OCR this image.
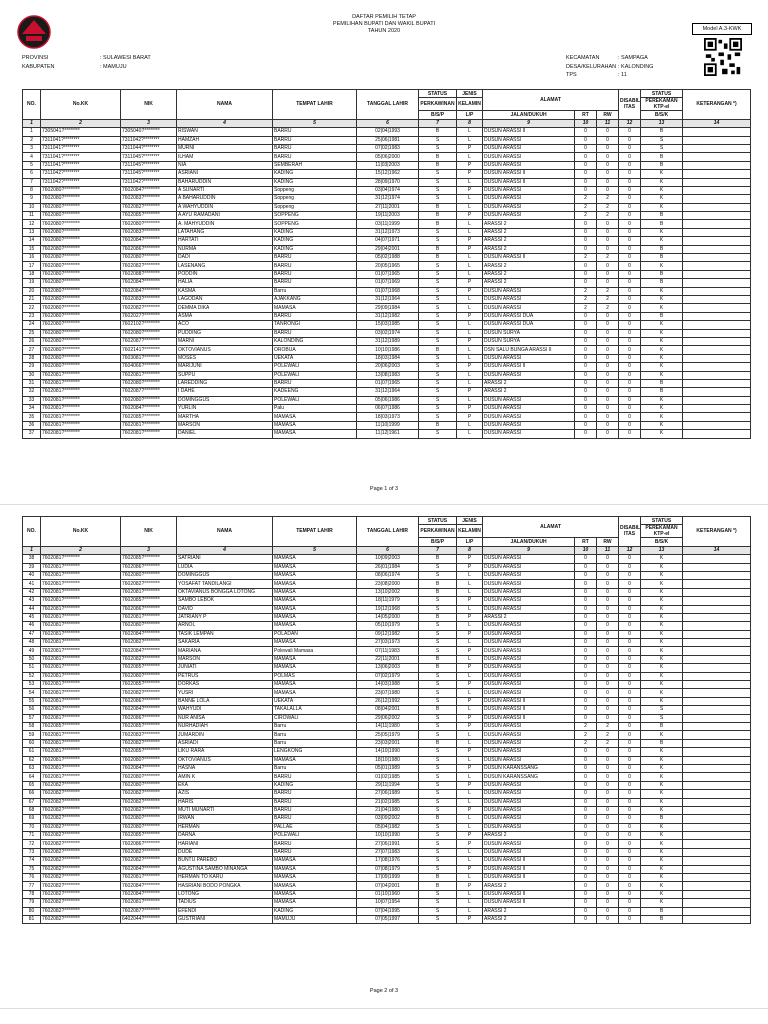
DAFTAR PEMILIH TETAP
PEMILIHAN BUPATI DAN WAKIL BUPATI
TAHUN 2020	Model A.3-KWK
PROVINSI	: SULAWESI BARAT
KABUPATEN	: MAMUJU
KECAMATAN	: SAMPAGA
DESA/KELURAHAN : KALONDING
TPS	: 11
NO.	No.KK	NIK	NAMA	TEMPAT LAHIR	TANGGAL LAHIR	STATUS	JENIS	ALAMAT			DISABIL
ITAS	STATUS	KETERANGAN *)
						PERKAWINAN	KELAMIN					PEREKAMAN
KTP-el	
						B/S/P	L/P	JALAN/DUKUH	RT	RW		B/S/K	
1	2	3	4	5	6	7	8	9	10	11	12	13	14
1	7305041?********	7305040?********	RISWAN	BARRU	02|04|1993	B	L	DUSUN ARASSI II	0	0	0	B	
2	7311041?********	7311042?********	HAMZAH	BARRU	25|06|1981	S	L	DUSUN ARASSI	0	0	0	S	
3	7311041?********	7311044?********	MURNI	BARRU	07|02|1983	S	P	DUSUN ARASSI	0	0	0	S	
4	7311041?********	7311045?********	ILHAM	BARRU	05|06|2000	B	L	DUSUN ARASSI	0	0	0	B	
5	7311041?********	7311045?********	NIA	SEMBERAH	11|03|2003	B	P	DUSUN ARASSI	0	0	0	B	
6	7311042?********	7311045?********	ASRIANI	KADING	15|12|1962	S	P	DUSUN ARASSI II	0	0	0	K	
7	7311042?********	7311042?********	BAHARUDDIN	KADING	28|09|1970	S	L	DUSUN ARASSI II	0	0	0	K	
8	7602080?********	7602084?********	A SUNARTI	Soppeng	03|04|1974	S	P	DUSUN ARASSI	0	0	0	K	
9	7602080?********	7602083?********	A BAHARUDDIN	Soppeng	31|12|1974	S	L	DUSUN ARASSI	2	2	0	K	
10	7602080?********	7602082?********	A WAHYUDDIN	Soppeng	27|11|2001	B	L	DUSUN ARASSI	2	2	0	K	
11	7602080?********	7602085?********	A AYU RAMADANI	SOPPENG	19|11|2003	B	P	DUSUN ARASSI	2	2	0	B	
12	7602080?********	7602080?********	A. MAHYUDDIN	SOPPENG	03|11|1999	B	L	ARASSI 2	0	0	0	B	
13	7602080?********	7602083?********	LATAHANG	KADING	31|12|1973	S	L	ARASSI 2	0	0	0	K	
14	7602080?********	7602084?********	HARTATI	KADING	04|07|1971	S	P	ARASSI 2	0	0	0	K	
15	7602080?********	7602086?********	NURMA	KADING	29|04|2001	B	P	ARASSI 2	0	0	0	B	
16	7602080?********	7602080?********	DADI	BARRU	05|02|1988	B	L	DUSUN ARASSI II	2	2	0	B	
17	7602080?********	7602082?********	LASENANG	BARRU	20|05|1965	S	L	ARASSI 2	0	0	0	K	
18	7602080?********	7602088?********	PODDIN	BARRU	01|07|1965	S	L	ARASSI 2	0	0	0	B	
19	7602080?********	7602084?********	HALIA	BARRU	01|07|1969	S	P	ARASSI 2	0	0	0	B	
20	7602080?********	7602084?********	KASMA	Barru	01|07|1968	S	P	DUSUN ARASSI	2	2	0	K	
21	7602080?********	7602083?********	LAGODAN	AJAKKANG	31|12|1964	S	L	DUSUN ARASSI	2	2	0	K	
22	7602080?********	7602082?********	DEMMA DIKA	MAMASA	29|09|1984	S	L	DUSUN ARASSI	2	2	0	K	
23	7602080?********	7602027?********	ASMA	BARRU	31|12|1982	S	P	DUSUN ARASSI DUA	0	0	0	B	
24	7602080?********	7602102?********	ACO	TANRONGI	15|03|1985	S	L	DUSUN ARASSI DUA	0	0	0	K	
25	7602080?********	7602080?********	PUDDING	BARRU	03|02|1974	S	L	DUSUN SURYA	0	0	0	K	
26	7602080?********	7602087?********	MARNI	KALONDING	31|12|1989	S	P	DUSUN SURYA	0	0	0	K	
27	7602080?********	7602141?********	OKTOVIANUS	OROBUA	10|10|1986	B	L	DSN SALU BUNGA ARASSI II	0	0	0	K	
28	7602080?********	7603081?********	MOSES	UEKATA	18|03|1984	S	L	DUSUN ARASSI	0	0	0	K	
29	7602080?********	7604066?********	MARIJUNI	POLEWALI	20|06|2003	S	P	DUSUN ARASSI II	0	0	0	K	
30	7602081?********	7602081?********	SUPPU	POLEWALI	13|08|1983	S	L	DUSUN ARASSI	0	0	0	K	
31	7602081?********	7602080?********	LAREDDING	BARRU	01|07|1965	S	L	ARASSI 2	0	0	0	B	
32	7602081?********	7602087?********	I DAHE	KADEENG	31|12|1964	S	P	ARASSI 2	0	0	0	B	
33	7602081?********	7602080?********	DOMINGGUS	POLEWALI	05|06|1986	S	L	DUSUN ARASSI	0	0	0	K	
34	7602081?********	7602084?********	YURLIN	Palu	06|07|1986	S	P	DUSUN ARASSI	0	0	0	K	
35	7602081?********	7602085?********	MARTHA	MAMASA	18|03|1973	S	P	DUSUN ARASSI	0	0	0	K	
36	7602081?********	7602081?********	MARSON	MAMASA	11|10|1999	B	L	DUSUN ARASSI	0	0	0	K	
37	7602081?********	7602081?********	DANIEL	MAMASA	11|12|1961	S	L	DUSUN ARASSI	0	0	0	K	
Page 1 of 3
NO.	No.KK	NIK	NAMA	TEMPAT LAHIR	TANGGAL LAHIR	STATUS	JENIS	ALAMAT			DISABIL
ITAS	STATUS	KETERANGAN *)
						PERKAWINAN	KELAMIN					PEREKAMAN
KTP-el	
						B/S/P	L/P	JALAN/DUKUH	RT	RW		B/S/K	
1	2	3	4	5	6	7	8	9	10	11	12	13	14
38	7602081?********	7602085?********	SATRIANI	MAMASA	10|09|2003	B	P	DUSUN ARASSI	0	0	0	K	
39	7602081?********	7602086?********	LUDIA	MAMASA	26|01|1984	S	P	DUSUN ARASSI	0	0	0	K	
40	7602081?********	7602080?********	DOMINGGUS	MAMASA	08|06|1974	S	L	DUSUN ARASSI	0	0	0	K	
41	7602081?********	7602082?********	YOSAFAT TANDILANGI	MAMASA	23|08|2000	B	L	DUSUN ARASSI	0	0	0	K	
42	7602081?********	7602081?********	OKTAVIANUS BONGGA LOTONG	MAMASA	13|10|2002	B	L	DUSUN ARASSI	0	0	0	K	
43	7602081?********	7602085?********	SAMBO LEBOK	MAMASA	18|11|1979	S	P	DUSUN ARASSI	0	0	0	K	
44	7602081?********	7602086?********	DAVID	MAMASA	19|12|1968	S	L	DUSUN ARASSI	0	0	0	K	
45	7602081?********	7602081?********	JATRIANY P	MAMASA	14|05|2000	B	P	ARASSI 2	0	0	0	K	
46	7602081?********	7602080?********	ARNOL	MAMASA	05|10|1979	S	L	DUSUN ARASSI	0	0	0	K	
47	7602081?********	7602084?********	TASIK LEMPAN	POLADAN	09|12|1982	S	P	DUSUN ARASSI	0	0	0	K	
48	7602081?********	7602082?********	SAKARIA	MAMASA	27|03|1973	S	L	DUSUN ARASSI	0	0	0	K	
49	7602081?********	7602084?********	MARIANA	Polewali Mamasa	07|11|1983	S	P	DUSUN ARASSI	0	0	0	K	
50	7602081?********	7602082?********	MARSON	MAMASA	22|11|2001	B	L	DUSUN ARASSI	0	0	0	K	
51	7602081?********	7602085?********	JUNIATI	MAMASA	13|06|2003	B	P	DUSUN ARASSI	0	0	0	K	
52	7602081?********	7602080?********	PETRUS	POLMAS	07|02|1979	S	L	DUSUN ARASSI	0	0	0	K	
53	7602081?********	7602085?********	DORKAS	MAMASA	14|03|1988	S	P	DUSUN ARASSI	0	0	0	K	
54	7602081?********	7602082?********	YUSRI	MAMASA	23|07|1980	S	L	DUSUN ARASSI	0	0	0	K	
55	7602081?********	7602086?********	BANNE LOLA	UEKATA	26|12|1992	S	P	DUSUN ARASSI II	0	0	0	K	
56	7602081?********	7602084?********	WAHYUDI	TAKALALLA	08|04|2001	B	L	DUSUN ARASSI II	0	0	0	S	
57	7602081?********	7602086?********	NUR ANISA	CIROWALI	29|06|2002	S	P	DUSUN ARASSI II	0	0	0	S	
58	7602085?********	7602085?********	NURHADIAH	Barru	14|11|1980	S	P	DUSUN ARASSI	2	2	0	B	
59	7602081?********	7602083?********	JUMARDIN	Barru	25|05|1979	S	L	DUSUN ARASSI	2	2	0	K	
60	7602081?********	7602082?********	ASRIADI	Barru	23|03|2001	B	L	DUSUN ARASSI	2	2	0	B	
61	7602081?********	7602085?********	LIKU RARA	LENGKONG	14|10|1990	S	P	DUSUN ARASSI	0	0	0	K	
62	7602081?********	7602080?********	OKTOVIANUS	MAMASA	18|10|1980	S	L	DUSUN ARASSI	0	0	0	K	
63	7602081?********	7602084?********	HASNA	Barru	05|01|1989	S	P	DUSUN KARANSSANG	0	0	0	K	
64	7602081?********	7602080?********	AMIN K	BARRU	01|02|1985	S	L	DUSUN KARANSSANG	0	0	0	K	
65	7602082?********	7602080?********	EKA	KADING	29|11|1994	S	P	DUSUN ARASSI	0	0	0	K	
66	7602082?********	7602082?********	AZIS	BARRU	27|06|1989	S	L	DUSUN ARASSI	0	0	0	K	
67	7602082?********	7602082?********	HARIS	BARRU	21|02|1985	S	L	DUSUN ARASSI	0	0	0	K	
68	7602082?********	7602082?********	MUTI MUNARTI	BARRU	21|04|1980	S	P	DUSUN ARASSI	0	0	0	K	
69	7602082?********	7602080?********	IRWAN	BARRU	03|09|2002	B	L	DUSUN ARASSI	0	0	0	B	
70	7602082?********	7602080?********	HERMAN	PALLAE	05|04|1982	S	L	DUSUN ARASSI	0	0	0	K	
71	7602082?********	7602085?********	DARNA	POLEWALI	10|10|1990	S	P	ARASSI 2	0	0	0	K	
72	7602082?********	7602086?********	HARIANI	BARRU	27|06|1991	S	P	DUSUN ARASSI	0	0	0	K	
73	7602082?********	7602082?********	DUDE	BARRU	27|07|1983	S	L	DUSUN ARASSI	0	0	0	K	
74	7602082?********	7602082?********	BUNTU PAREBO	MAMASA	17|08|1976	S	L	DUSUN ARASSI II	0	0	0	K	
75	7602082?********	7602084?********	AGUSTINA SAMBO MINANGA	MAMASA	07|08|1979	S	P	DUSUN ARASSI II	0	0	0	K	
76	7602082?********	7602081?********	HERMAN TO KARU	MAMASA	17|09|1999	B	L	DUSUN ARASSI II	0	0	0	K	
77	7602082?********	7602084?********	HASRIANI BODO PONGKA	MAMASA	07|04|2001	B	P	ARASSI 2	0	0	0	K	
78	7602082?********	7602084?********	LOTONG	MAMASA	01|10|1960	S	L	DUSUN ARASSI II	0	0	0	K	
79	7602082?********	7602081?********	TADIUS	MAMASA	10|07|1954	S	L	DUSUN ARASSI II	0	0	0	K	
80	7602082?********	7602087?********	EFENDI	KADING	07|04|1995	S	L	ARASSI 2	0	0	0	B	
81	7602082?********	6402044?********	GUSTRIANI	MAMUJU	07|05|1997	S	P	ARASSI 2	0	0	0	B	
Page 2 of 3
